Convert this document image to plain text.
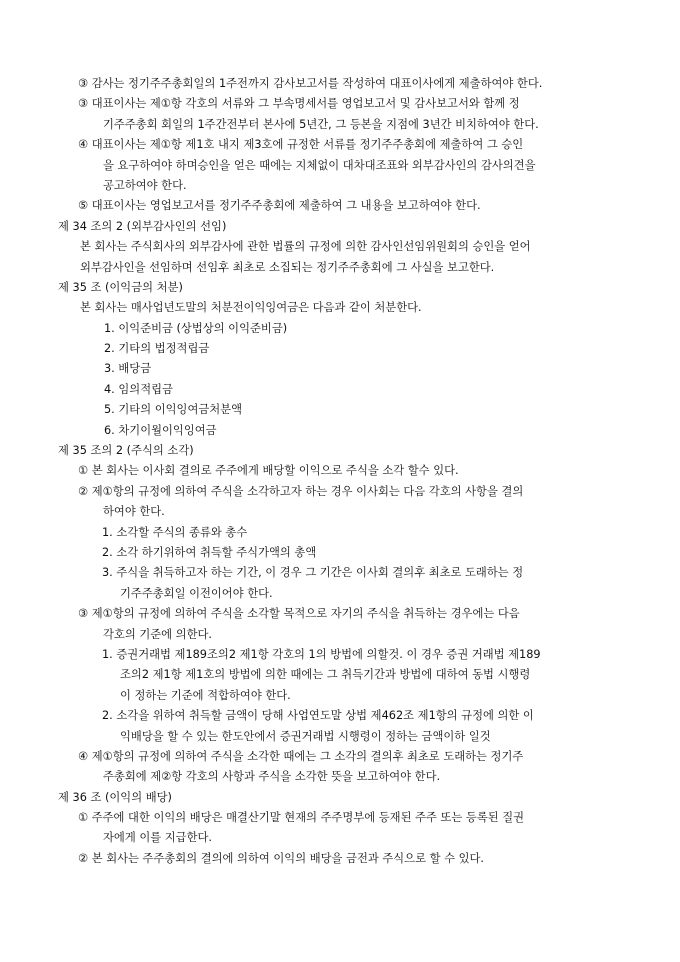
③ 감사는 정기주주총회일의 1주전까지 감사보고서를 작성하여 대표이사에게 제출하여야 한다.
③ 대표이사는 제①항 각호의 서류와 그 부속명세서를 영업보고서 및 감사보고서와 함께 정
기주주총회 회일의 1주간전부터 본사에 5년간, 그 등본을 지점에 3년간 비치하여야 한다.
④ 대표이사는 제①항 제1호 내지 제3호에 규정한 서류를 정기주주총회에 제출하여 그 승인
을 요구하여야 하며승인을 얻은 때에는 지체없이 대차대조표와 외부감사인의 감사의견을
공고하여야 한다.
⑤ 대표이사는 영업보고서를 정기주주총회에 제출하여 그 내용을 보고하여야 한다.
제 34 조의 2 (외부감사인의 선임)
본 회사는 주식회사의 외부감사에 관한 법률의 규정에 의한 감사인선임위원회의 승인을 얻어
외부감사인을 선임하며 선임후 최초로 소집되는 정기주주총회에 그 사실을 보고한다.
제 35 조 (이익금의 처분)
본 회사는 매사업년도말의 처분전이익잉여금은 다음과 같이 처분한다.
1. 이익준비금 (상법상의 이익준비금)
2. 기타의 법정적립금
3. 배당금
4. 임의적립금
5. 기타의 이익잉여금처분액
6. 차기이월이익잉여금
제 35 조의 2 (주식의 소각)
① 본 회사는 이사회 결의로 주주에게 배당할 이익으로 주식을 소각 할수 있다.
② 제①항의 규정에 의하여 주식을 소각하고자 하는 경우 이사회는 다음 각호의 사항을 결의
하여야 한다.
1. 소각할 주식의 종류와 총수
2. 소각 하기위하여 취득할 주식가액의 총액
3. 주식을 취득하고자 하는 기간, 이 경우 그 기간은 이사회 결의후 최초로 도래하는 정
기주주총회일 이전이어야 한다.
③ 제①항의 규정에 의하여 주식을 소각할 목적으로 자기의 주식을 취득하는 경우에는 다음
각호의 기준에 의한다.
1. 증권거래법 제189조의2 제1항 각호의 1의 방법에 의할것. 이 경우 증권 거래법 제189
조의2 제1항 제1호의 방법에 의한 때에는 그 취득기간과 방법에 대하여 동법 시행령
이 정하는 기준에 적합하여야 한다.
2. 소각을 위하여 취득할 금액이 당해 사업연도말 상법 제462조 제1항의 규정에 의한 이
익배당을 할 수 있는 한도안에서 증권거래법 시행령이 정하는 금액이하 일것
④ 제①항의 규정에 의하여 주식을 소각한 때에는 그 소각의 결의후 최초로 도래하는 정기주
주총회에 제②항 각호의 사항과 주식을 소각한 뜻을 보고하여야 한다.
제 36 조 (이익의 배당)
① 주주에 대한 이익의 배당은 매결산기말 현재의 주주명부에 등재된 주주 또는 등록된 질권
자에게 이를 지급한다.
② 본 회사는 주주총회의 결의에 의하여 이익의 배당을 금전과 주식으로 할 수 있다.
